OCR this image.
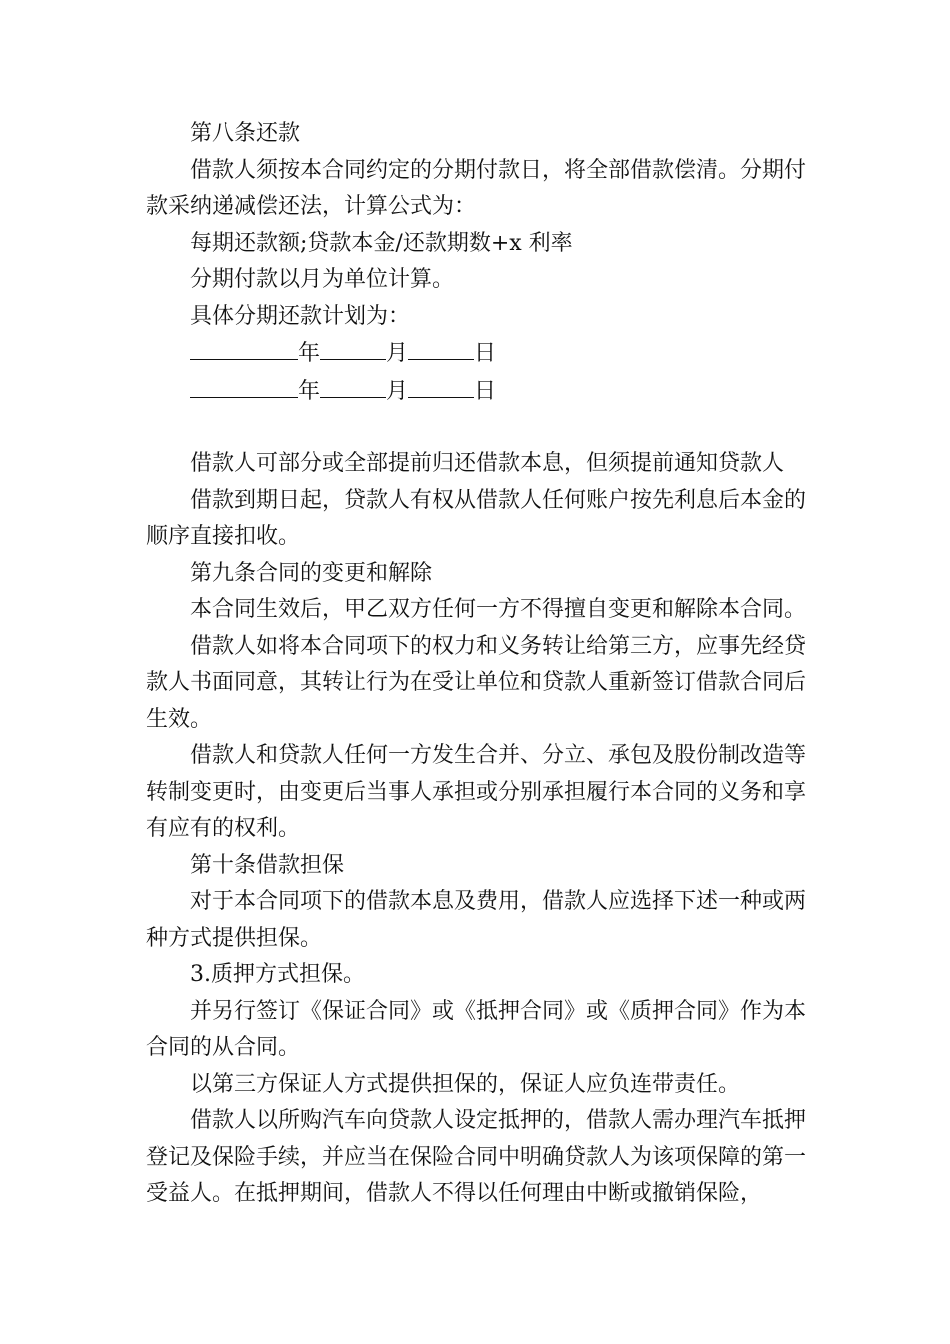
第八条还款

借款人须按本合同约定的分期付款日，将全部借款偿清。分期付款采纳递减偿还法，计算公式为：

每期还款额;贷款本金/还款期数+x 利率

分期付款以月为单位计算。

具体分期还款计划为：

年	月	日
年	月	日

借款人可部分或全部提前归还借款本息，但须提前通知贷款人

借款到期日起，贷款人有权从借款人任何账户按先利息后本金的顺序直接扣收。

第九条合同的变更和解除

本合同生效后，甲乙双方任何一方不得擅自变更和解除本合同。

借款人如将本合同项下的权力和义务转让给第三方，应事先经贷款人书面同意，其转让行为在受让单位和贷款人重新签订借款合同后生效。

借款人和贷款人任何一方发生合并、分立、承包及股份制改造等转制变更时，由变更后当事人承担或分别承担履行本合同的义务和享有应有的权利。

第十条借款担保

对于本合同项下的借款本息及费用，借款人应选择下述一种或两种方式提供担保。

3.质押方式担保。

并另行签订《保证合同》或《抵押合同》或《质押合同》作为本合同的从合同。

以第三方保证人方式提供担保的，保证人应负连带责任。

借款人以所购汽车向贷款人设定抵押的，借款人需办理汽车抵押登记及保险手续，并应当在保险合同中明确贷款人为该项保障的第一受益人。在抵押期间，借款人不得以任何理由中断或撤销保险，
